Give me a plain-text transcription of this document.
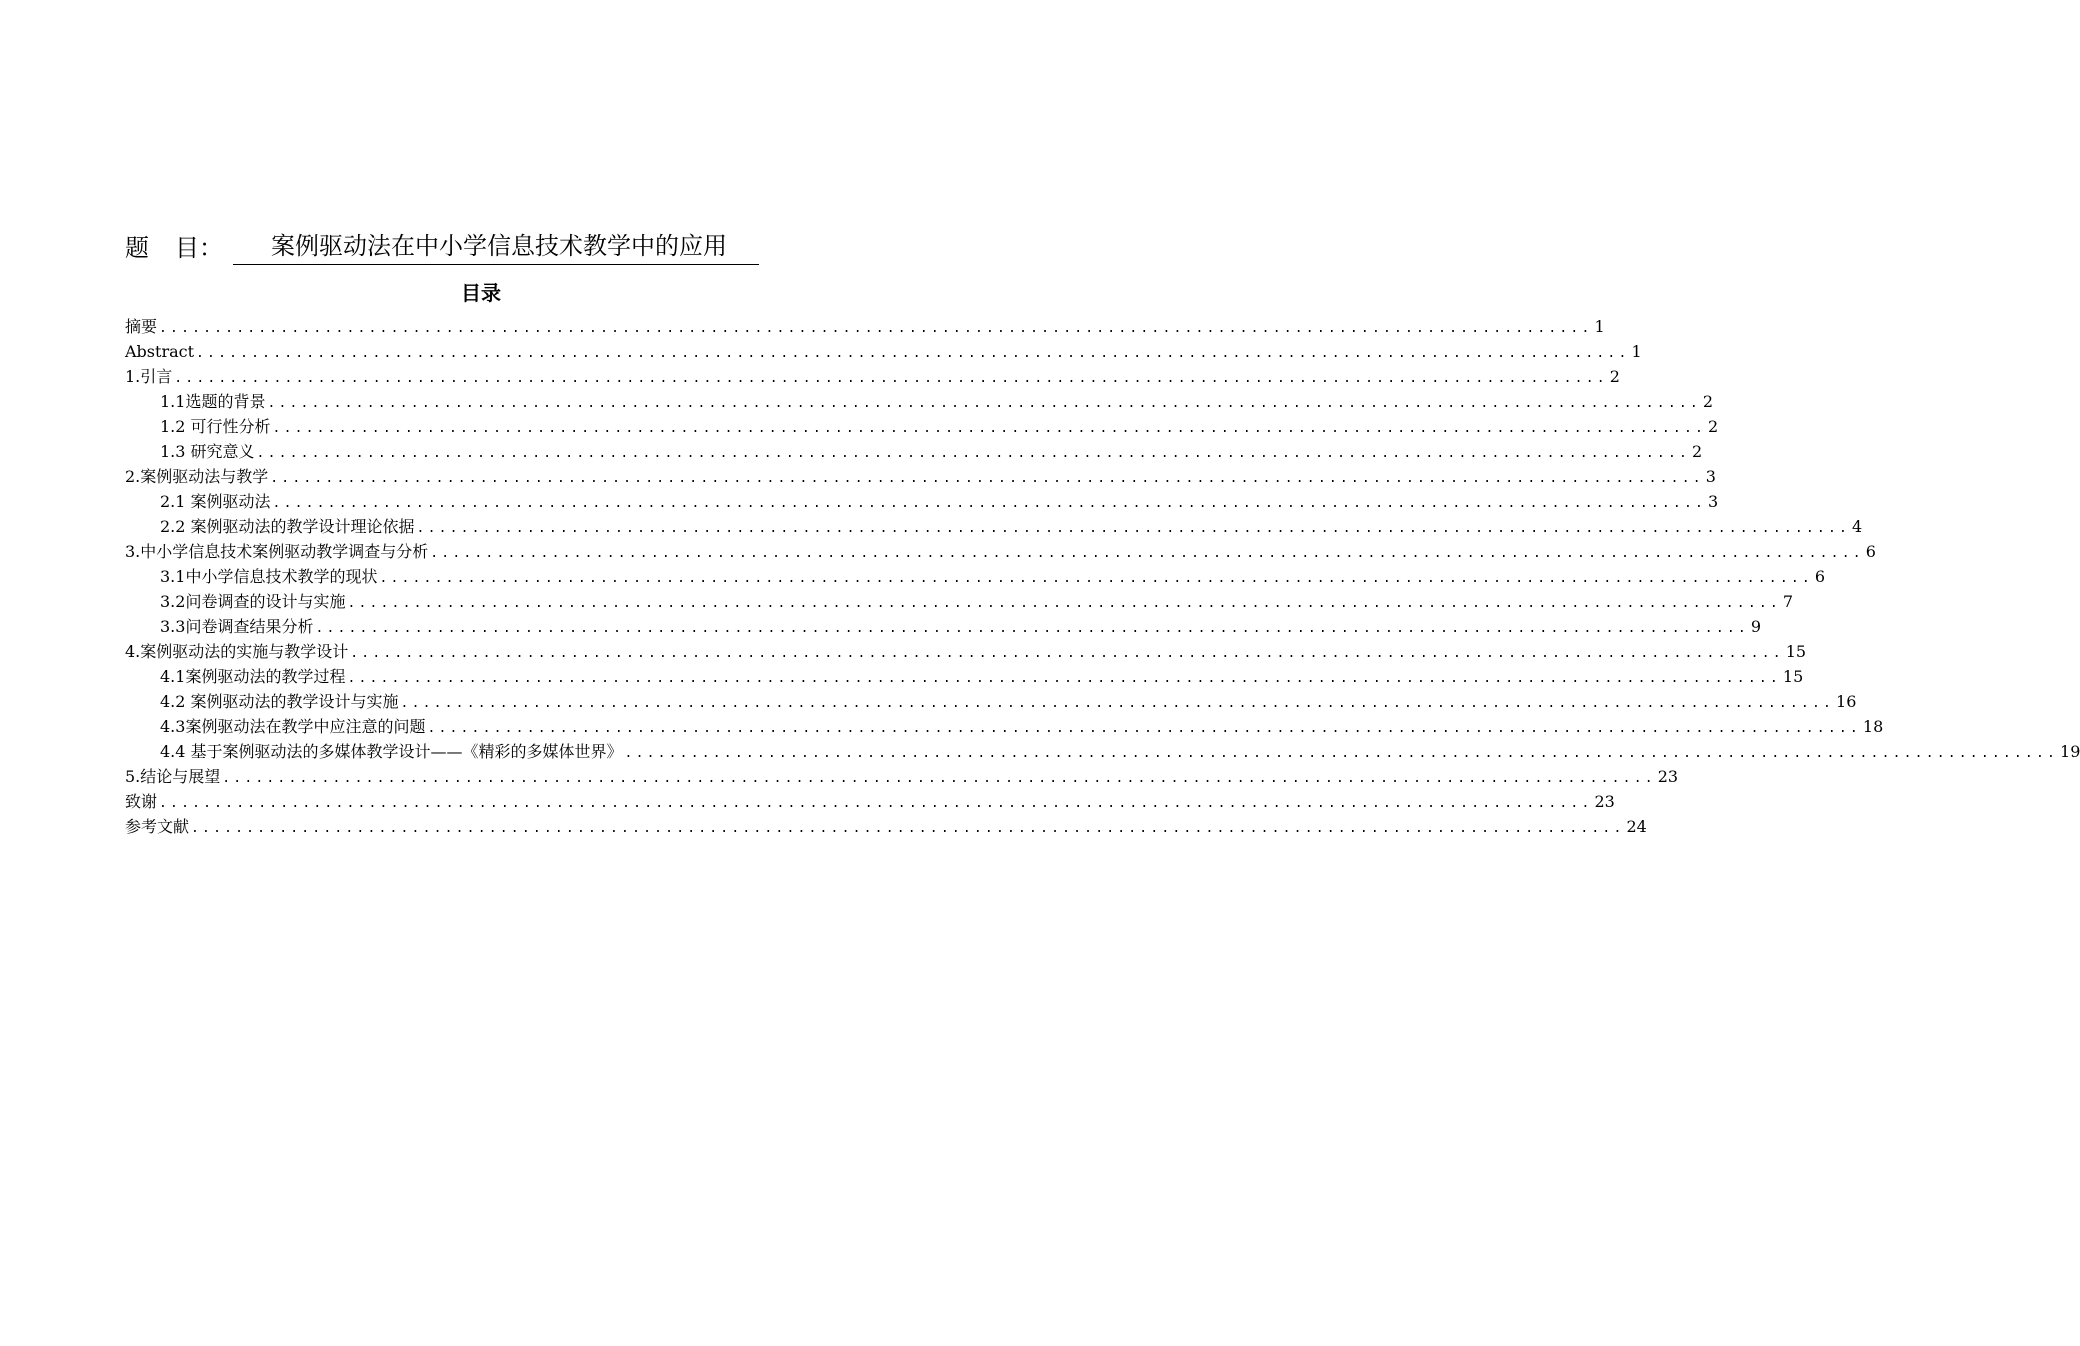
题 目：	案例驱动法在中小学信息技术教学中的应用
目录
摘要 .................................................................................................................................. 1
Abstract .................................................................................................................................. 1
1.引言 .................................................................................................................................. 2
1.1选题的背景 .................................................................................................................................. 2
1.2 可行性分析 .................................................................................................................................. 2
1.3 研究意义 .................................................................................................................................. 2
2.案例驱动法与教学 .................................................................................................................................. 3
2.1 案例驱动法 .................................................................................................................................. 3
2.2 案例驱动法的教学设计理论依据 .................................................................................................................................. 4
3.中小学信息技术案例驱动教学调查与分析 .................................................................................................................................. 6
3.1中小学信息技术教学的现状 .................................................................................................................................. 6
3.2问卷调查的设计与实施 .................................................................................................................................. 7
3.3问卷调查结果分析 .................................................................................................................................. 9
4.案例驱动法的实施与教学设计 .................................................................................................................................. 15
4.1案例驱动法的教学过程 .................................................................................................................................. 15
4.2 案例驱动法的教学设计与实施 .................................................................................................................................. 16
4.3案例驱动法在教学中应注意的问题 .................................................................................................................................. 18
4.4 基于案例驱动法的多媒体教学设计——《精彩的多媒体世界》 .................................................................................................................................. 19
5.结论与展望 .................................................................................................................................. 23
致谢 .................................................................................................................................. 23
参考文献 .................................................................................................................................. 24
